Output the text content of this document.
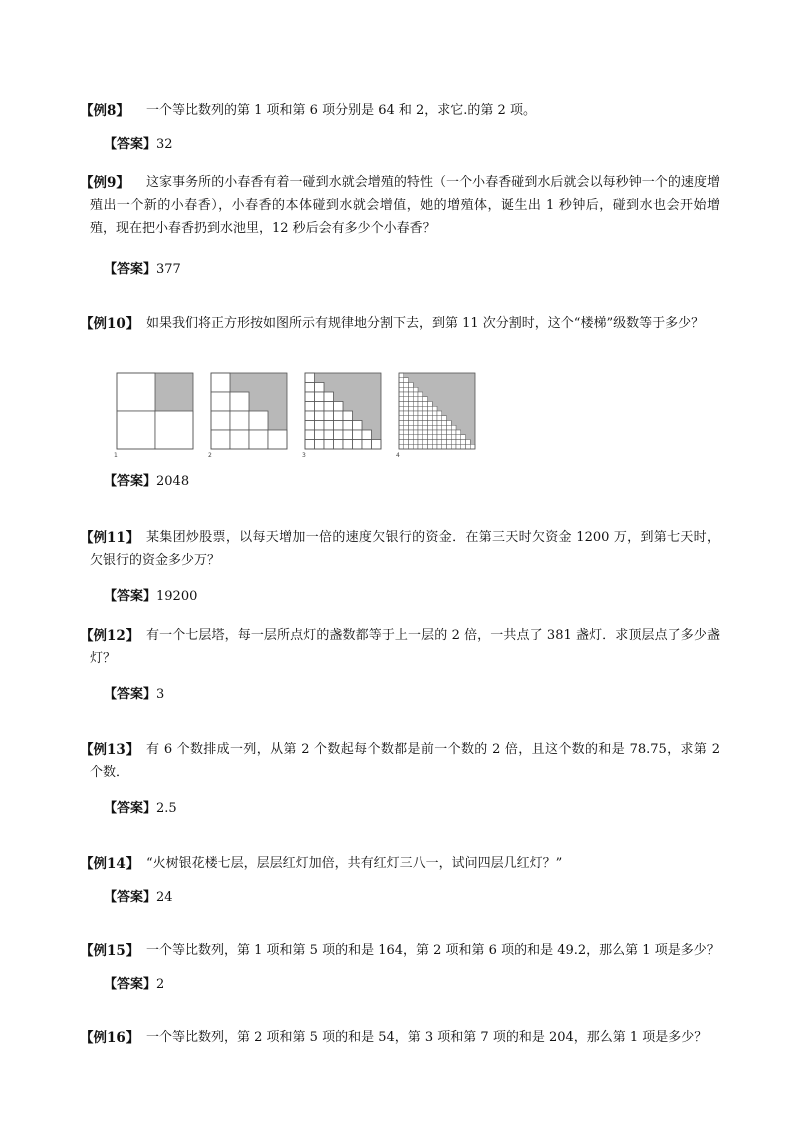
【例8】 一个等比数列的第 1 项和第 6 项分别是 64 和 2，求它.的第 2 项。
【答案】32
【例9】	这家事务所的小春香有着一碰到水就会增殖的特性（一个小春香碰到水后就会以每秒钟一个的速度增殖出一个新的小春香），小春香的本体碰到水就会增值，她的增殖体，诞生出 1 秒钟后，碰到水也会开始增殖，现在把小春香扔到水池里，12 秒后会有多少个小春香？
【答案】377
【例10】 如果我们将正方形按如图所示有规律地分割下去，到第 11 次分割时，这个“楼梯”级数等于多少？
1	2	3	4
【答案】2048
【例11】 某集团炒股票，以每天增加一倍的速度欠银行的资金．在第三天时欠资金 1200 万，到第七天时，欠银行的资金多少万？
【答案】19200
【例12】 有一个七层塔，每一层所点灯的盏数都等于上一层的 2 倍，一共点了 381 盏灯．求顶层点了多少盏灯？
【答案】3
【例13】 有 6 个数排成一列，从第 2 个数起每个数都是前一个数的 2 倍，且这个数的和是 78.75，求第 2 个数．
【答案】2.5
【例14】 “火树银花楼七层，层层红灯加倍，共有红灯三八一，试问四层几红灯？”
【答案】24
【例15】 一个等比数列，第 1 项和第 5 项的和是 164，第 2 项和第 6 项的和是 49.2，那么第 1 项是多少？
【答案】2
【例16】 一个等比数列，第 2 项和第 5 项的和是 54，第 3 项和第 7 项的和是 204，那么第 1 项是多少？
